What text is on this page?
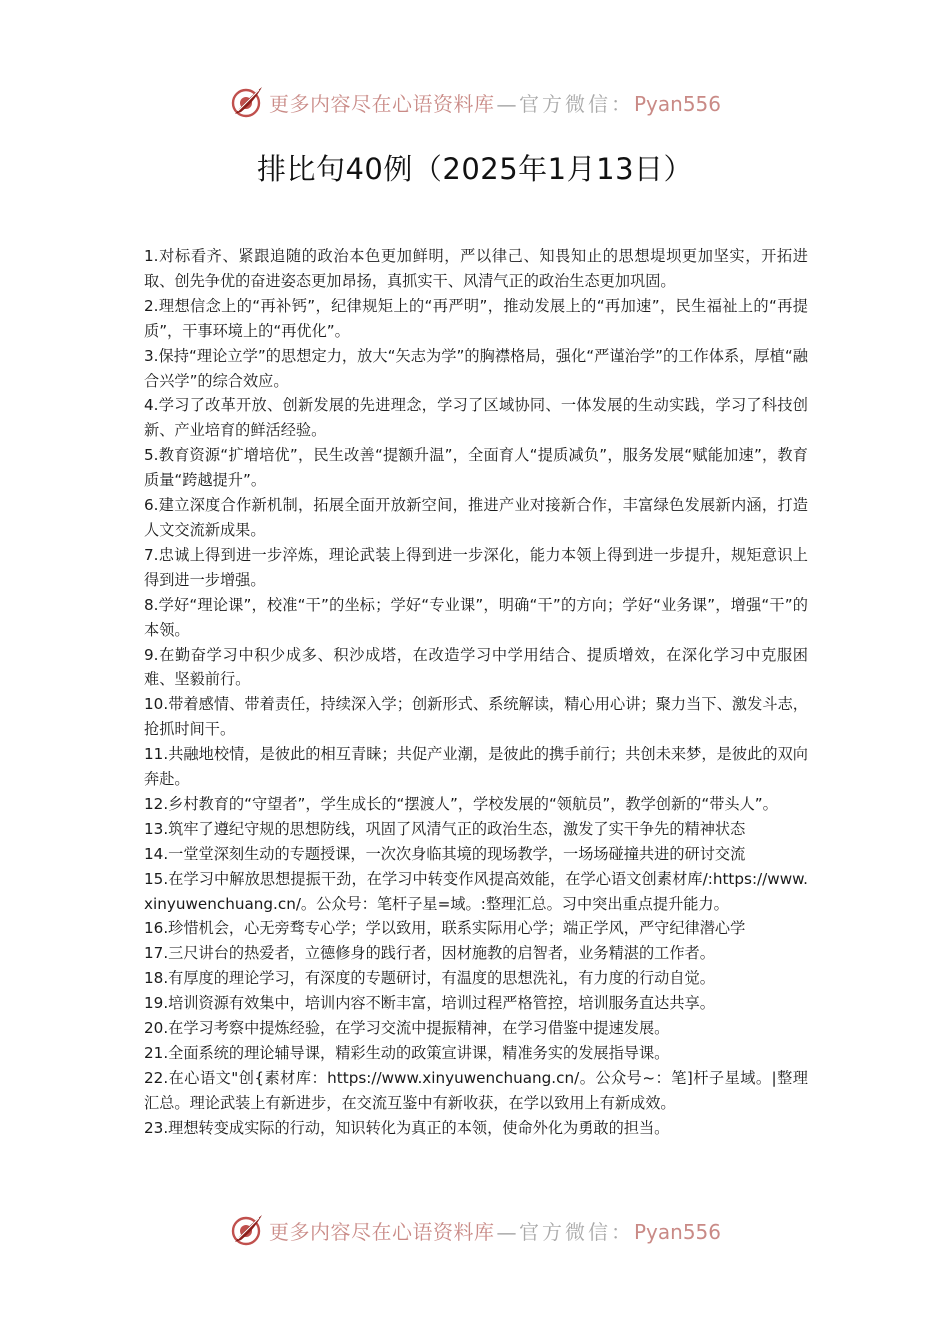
更多内容尽在心语资料库 — 官方微信：Pyan556
排比句40例（2025年1月13日）

1.对标看齐、紧跟追随的政治本色更加鲜明，严以律己、知畏知止的思想堤坝更加坚实，开拓进取、创先争优的奋进姿态更加昂扬，真抓实干、风清气正的政治生态更加巩固。

2.理想信念上的“再补钙”，纪律规矩上的“再严明”，推动发展上的“再加速”，民生福祉上的“再提质”，干事环境上的“再优化”。

3.保持“理论立学”的思想定力，放大“矢志为学”的胸襟格局，强化“严谨治学”的工作体系，厚植“融合兴学”的综合效应。

4.学习了改革开放、创新发展的先进理念，学习了区域协同、一体发展的生动实践，学习了科技创新、产业培育的鲜活经验。

5.教育资源“扩增培优”，民生改善“提额升温”，全面育人“提质减负”，服务发展“赋能加速”，教育质量“跨越提升”。

6.建立深度合作新机制，拓展全面开放新空间，推进产业对接新合作，丰富绿色发展新内涵，打造人文交流新成果。

7.忠诚上得到进一步淬炼，理论武装上得到进一步深化，能力本领上得到进一步提升，规矩意识上得到进一步增强。

8.学好“理论课”，校准“干”的坐标；学好“专业课”，明确“干”的方向；学好“业务课”，增强“干”的本领。

9.在勤奋学习中积少成多、积沙成塔，在改造学习中学用结合、提质增效，在深化学习中克服困难、坚毅前行。

10.带着感情、带着责任，持续深入学；创新形式、系统解读，精心用心讲；聚力当下、激发斗志，抢抓时间干。

11.共融地校情，是彼此的相互青睐；共促产业潮，是彼此的携手前行；共创未来梦，是彼此的双向奔赴。

12.乡村教育的“守望者”，学生成长的“摆渡人”，学校发展的“领航员”，教学创新的“带头人”。

13.筑牢了遵纪守规的思想防线，巩固了风清气正的政治生态，激发了实干争先的精神状态

14.一堂堂深刻生动的专题授课，一次次身临其境的现场教学，一场场碰撞共进的研讨交流

15.在学习中解放思想提振干劲，在学习中转变作风提高效能，在学心语文创素材库/:https://www.xinyuwenchuang.cn/。公众号：笔杆子星=域。:整理汇总。习中突出重点提升能力。

16.珍惜机会，心无旁骛专心学；学以致用，联系实际用心学；端正学风，严守纪律潜心学

17.三尺讲台的热爱者，立德修身的践行者，因材施教的启智者，业务精湛的工作者。

18.有厚度的理论学习，有深度的专题研讨，有温度的思想洗礼，有力度的行动自觉。

19.培训资源有效集中，培训内容不断丰富，培训过程严格管控，培训服务直达共享。

20.在学习考察中提炼经验，在学习交流中提振精神，在学习借鉴中提速发展。

21.全面系统的理论辅导课，精彩生动的政策宣讲课，精准务实的发展指导课。

22.在心语文"创{素材库：https://www.xinyuwenchuang.cn/。公众号~：笔]杆子星域。|整理汇总。理论武装上有新进步，在交流互鉴中有新收获，在学以致用上有新成效。

23.理想转变成实际的行动，知识转化为真正的本领，使命外化为勇敢的担当。

更多内容尽在心语资料库 — 官方微信：Pyan556
